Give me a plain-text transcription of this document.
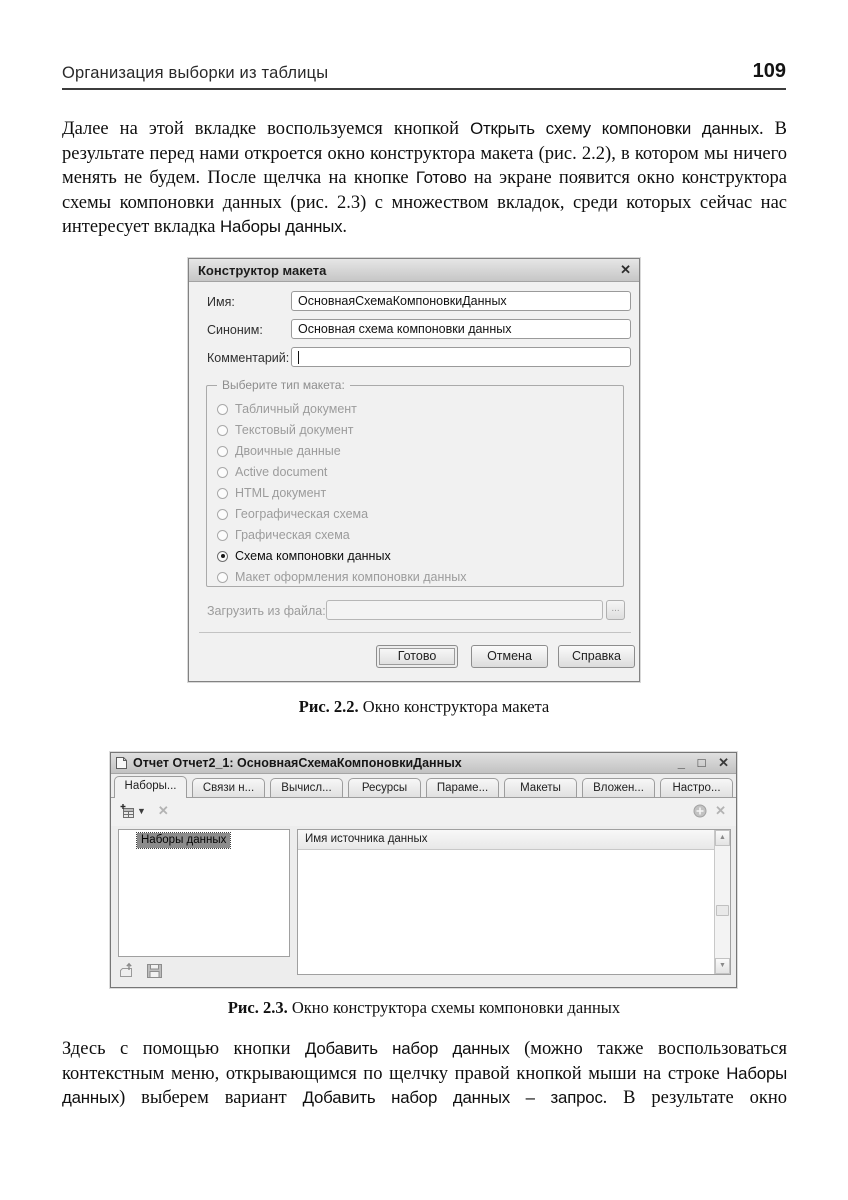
Организация выборки из таблицы	109
Далее на этой вкладке воспользуемся кнопкой Открыть схему компоновки данных. В результате перед нами откроется окно конструктора макета (рис. 2.2), в котором мы ничего менять не будем. После щелчка на кнопке Готово на экране появится окно конструктора схемы компоновки данных (рис. 2.3) с множеством вкладок, среди которых сейчас нас интересует вкладка Наборы данных.
Конструктор макета	✕
Имя:	ОсновнаяСхемаКомпоновкиДанных
Синоним:	Основная схема компоновки данных
Комментарий:
Выберите тип макета:
Табличный документ
Текстовый документ
Двоичные данные
Active document
HTML документ
Географическая схема
Графическая схема
Схема компоновки данных
Макет оформления компоновки данных
Загрузить из файла:	...
Готово	Отмена	Справка
Рис. 2.2. Окно конструктора макета
Отчет Отчет2_1: ОсновнаяСхемаКомпоновкиДанных	_ □ ✕
Наборы... Связи н... Вычисл...	Ресурсы	Параме...	Макеты	Вложен... Настро...
▼ ✕	✕
Наборы данных	Имя источника данных	▲
▼
Рис. 2.3. Окно конструктора схемы компоновки данных
Здесь с помощью кнопки Добавить набор данных (можно также воспользоваться контекстным меню, открывающимся по щелчку правой кнопкой мыши на строке Наборы данных) выберем вариант Добавить набор данных – запрос. В результате окно
